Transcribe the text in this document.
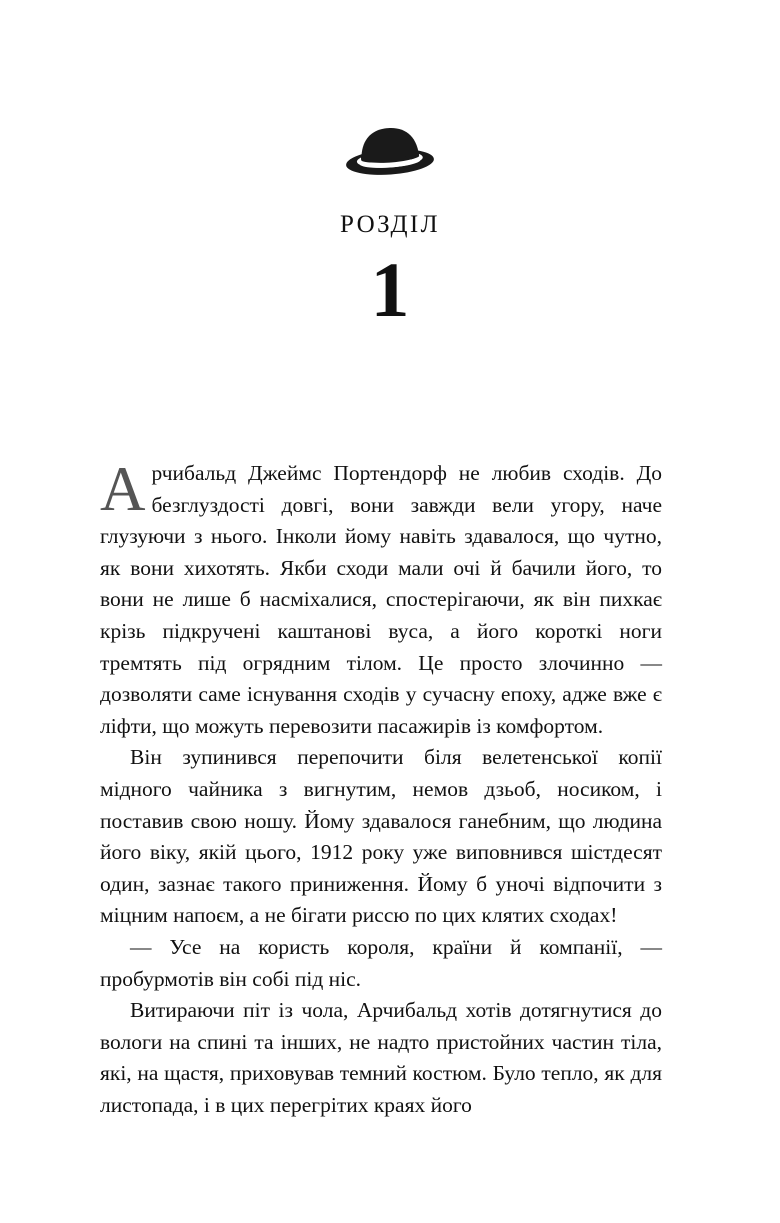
РОЗДІЛ
1

Арчибальд Джеймс Портендорф не любив сходів. До безглуздості довгі, вони завжди вели угору, наче глузуючи з нього. Інколи йому навіть здавалося, що чутно, як вони хихотять. Якби сходи мали очі й бачили його, то вони не лише б насміхалися, спостерігаючи, як він пихкає крізь підкручені каштанові вуса, а його короткі ноги тремтять під огрядним тілом. Це просто злочинно — дозволяти саме існування сходів у сучасну епоху, адже вже є ліфти, що можуть перевозити пасажирів із комфортом.

Він зупинився перепочити біля велетенської копії мідного чайника з вигнутим, немов дзьоб, носиком, і поставив свою ношу. Йому здавалося ганебним, що людина його віку, якій цього, 1912 року уже виповнився шістдесят один, зазнає такого приниження. Йому б уночі відпочити з міцним напоєм, а не бігати риссю по цих клятих сходах!

— Усе на користь короля, країни й компанії, — пробурмотів він собі під ніс.

Витираючи піт із чола, Арчибальд хотів дотягнутися до вологи на спині та інших, не надто пристойних частин тіла, які, на щастя, приховував темний костюм. Було тепло, як для листопада, і в цих перегрітих краях його
